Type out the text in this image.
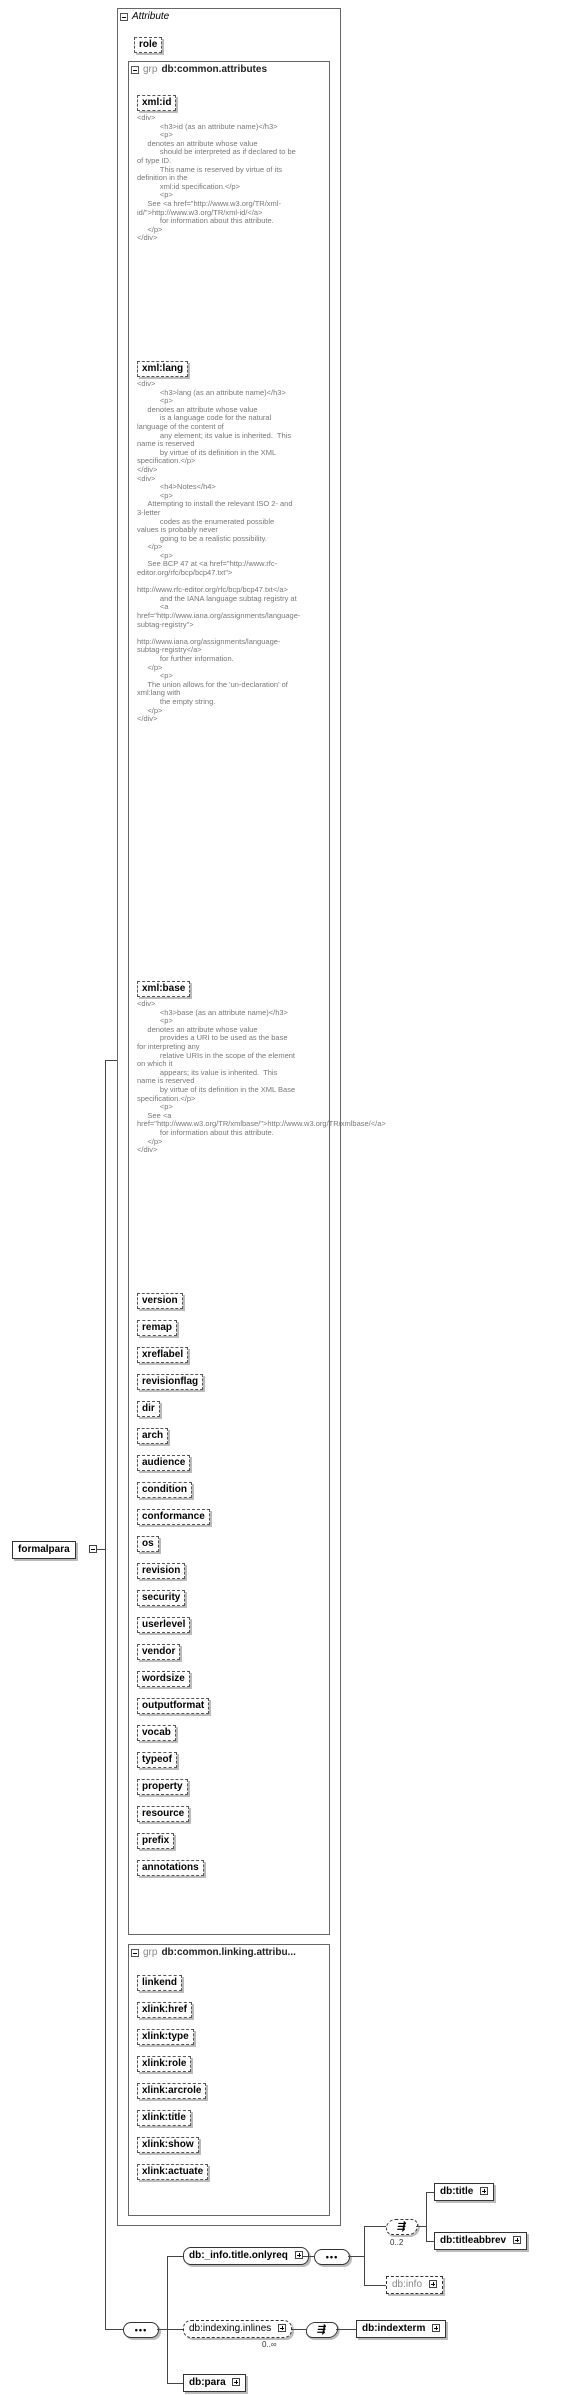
formalpara
Attribute
role
grp db:common.attributes
xml:id
<div>
<h3>id (as an attribute name)</h3>
<p>
denotes an attribute whose value
should be interpreted as if declared to be of type ID.
This name is reserved by virtue of its definition in the
xml:id specification.</p>
<p>
See <a href="http://www.w3.org/TR/xml-id/">http://www.w3.org/TR/xml-id/</a>
for information about this attribute.
</p>
</div>
xml:lang
<div>
<h3>lang (as an attribute name)</h3>
<p>
denotes an attribute whose value
is a language code for the natural language of the content of
any element; its value is inherited.  This name is reserved
by virtue of its definition in the XML specification.</p>
</div>
<div>
<h4>Notes</h4>
<p>
Attempting to install the relevant ISO 2- and 3-letter
codes as the enumerated possible values is probably never
going to be a realistic possibility.
</p>
<p>
See BCP 47 at <a href="http://www.rfc-editor.org/rfc/bcp/bcp47.txt">

http://www.rfc-editor.org/rfc/bcp/bcp47.txt</a>
and the IANA language subtag registry at
<a href="http://www.iana.org/assignments/language-subtag-registry">

http://www.iana.org/assignments/language-subtag-registry</a>
for further information.
</p>
<p>
The union allows for the 'un-declaration' of xml:lang with
the empty string.
</p>
</div>
xml:base
<div>
<h3>base (as an attribute name)</h3>
<p>
denotes an attribute whose value
provides a URI to be used as the base for interpreting any
relative URIs in the scope of the element on which it
appears; its value is inherited.  This name is reserved
by virtue of its definition in the XML Base specification.</p>
<p>
See <a href="http://www.w3.org/TR/xmlbase/">http://www.w3.org/TR/xmlbase/</a>
for information about this attribute.
</p>
</div>
version
remap
xreflabel
revisionflag
dir
arch
audience
condition
conformance
os
revision
security
userlevel
vendor
wordsize
outputformat
vocab
typeof
property
resource
prefix
annotations
grp db:common.linking.attribu...
linkend
xlink:href
xlink:type
xlink:role
xlink:arcrole
xlink:title
xlink:show
xlink:actuate
•••
db:_info.title.onlyreq	•••
⇶
0..2
db:title
db:titleabbrev
db:info
db:indexing.inlines
0..∞
⇶	db:indexterm
db:para
